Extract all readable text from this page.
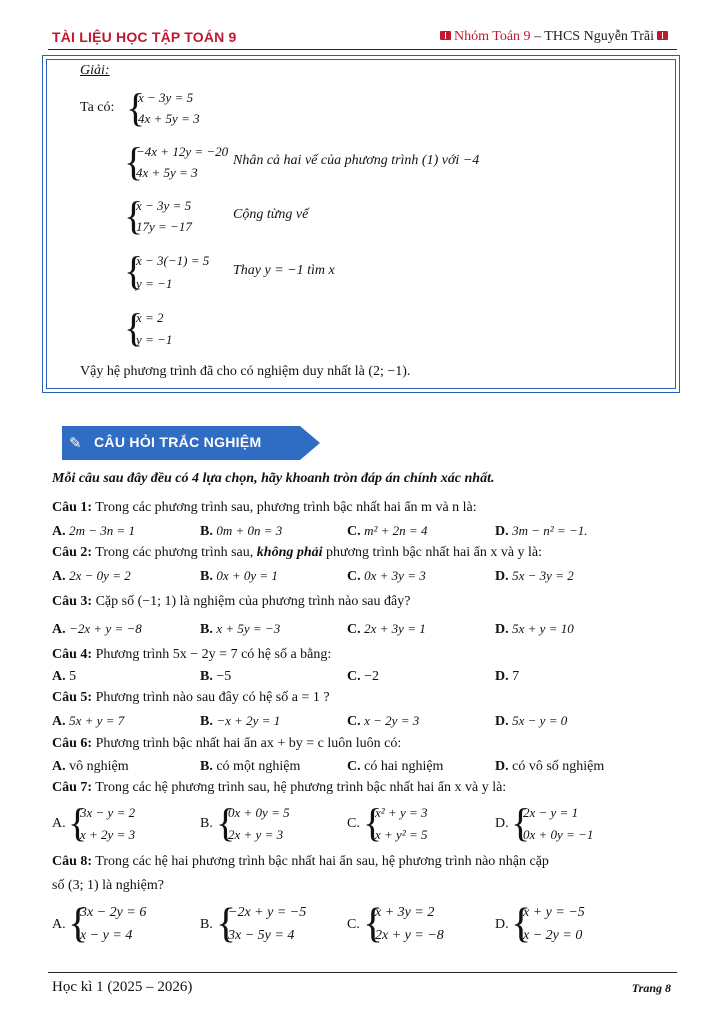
TÀI LIỆU HỌC TẬP TOÁN 9	Nhóm Toán 9 – THCS Nguyễn Trãi
Giải:
Ta có: {
x − 3y = 5
4x + 5y = 3
{
−4x + 12y = −20
4x + 5y = 3
Nhân cả hai vế của phương trình (1) với −4
{
x − 3y = 5
17y = −17
Cộng từng vế
{
x − 3(−1) = 5
y = −1
Thay y = −1 tìm x
{
x = 2
y = −1
Vậy hệ phương trình đã cho có nghiệm duy nhất là (2; −1).
✎ CÂU HỎI TRẮC NGHIỆM
Mỗi câu sau đây đều có 4 lựa chọn, hãy khoanh tròn đáp án chính xác nhất.
Câu 1: Trong các phương trình sau, phương trình bậc nhất hai ẩn m và n là:
A. 2m − 3n = 1	B. 0m + 0n = 3	C. m² + 2n = 4	D. 3m − n² = −1.
Câu 2: Trong các phương trình sau, không phải phương trình bậc nhất hai ẩn x và y là:
A. 2x − 0y = 2	B. 0x + 0y = 1	C. 0x + 3y = 3	D. 5x − 3y = 2
Câu 3: Cặp số (−1; 1) là nghiệm của phương trình nào sau đây?
A. −2x + y = −8	B. x + 5y = −3	C. 2x + 3y = 1	D. 5x + y = 10
Câu 4: Phương trình 5x − 2y = 7 có hệ số a bằng:
A. 5	B. −5	C. −2	D. 7
Câu 5: Phương trình nào sau đây có hệ số a = 1 ?
A. 5x + y = 7	B. −x + 2y = 1	C. x − 2y = 3	D. 5x − y = 0
Câu 6: Phương trình bậc nhất hai ẩn ax + by = c luôn luôn có:
A. vô nghiệm	B. có một nghiệm	C. có hai nghiệm	D. có vô số nghiệm
Câu 7: Trong các hệ phương trình sau, hệ phương trình bậc nhất hai ẩn x và y là:
A. {
3x − y = 2
x + 2y = 3
B. {
0x + 0y = 5
2x + y = 3
C. {
x² + y = 3
x + y² = 5
D. {
2x − y = 1
0x + 0y = −1
Câu 8: Trong các hệ hai phương trình bậc nhất hai ẩn sau, hệ phương trình nào nhận cặp
số (3; 1) là nghiệm?
A. {
3x − 2y = 6
x − y = 4
B. {
−2x + y = −5
3x − 5y = 4
C. {
x + 3y = 2
2x + y = −8
D. {
x + y = −5
x − 2y = 0
Học kì 1 (2025 – 2026)	Trang 8
